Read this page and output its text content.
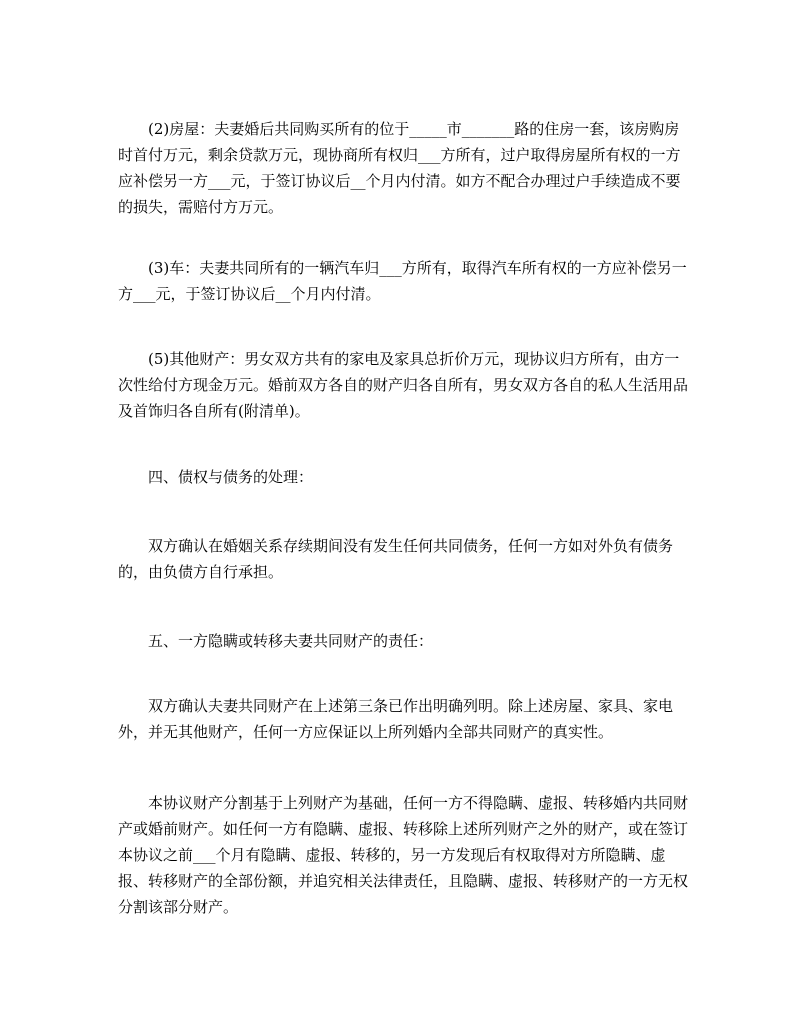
(2)房屋：夫妻婚后共同购买所有的位于_____市_______路的住房一套，该房购房时首付万元，剩余贷款万元，现协商所有权归___方所有，过户取得房屋所有权的一方应补偿另一方___元，于签订协议后__个月内付清。如方不配合办理过户手续造成不要的损失，需赔付方万元。

(3)车：夫妻共同所有的一辆汽车归___方所有，取得汽车所有权的一方应补偿另一方___元，于签订协议后__个月内付清。

(5)其他财产：男女双方共有的家电及家具总折价万元，现协议归方所有，由方一次性给付方现金万元。婚前双方各自的财产归各自所有，男女双方各自的私人生活用品及首饰归各自所有(附清单)。

四、债权与债务的处理：

双方确认在婚姻关系存续期间没有发生任何共同债务，任何一方如对外负有债务的，由负债方自行承担。

五、一方隐瞒或转移夫妻共同财产的责任：

双方确认夫妻共同财产在上述第三条已作出明确列明。除上述房屋、家具、家电外，并无其他财产，任何一方应保证以上所列婚内全部共同财产的真实性。

本协议财产分割基于上列财产为基础，任何一方不得隐瞒、虚报、转移婚内共同财产或婚前财产。如任何一方有隐瞒、虚报、转移除上述所列财产之外的财产，或在签订本协议之前___个月有隐瞒、虚报、转移的，另一方发现后有权取得对方所隐瞒、虚报、转移财产的全部份额，并追究相关法律责任，且隐瞒、虚报、转移财产的一方无权分割该部分财产。
